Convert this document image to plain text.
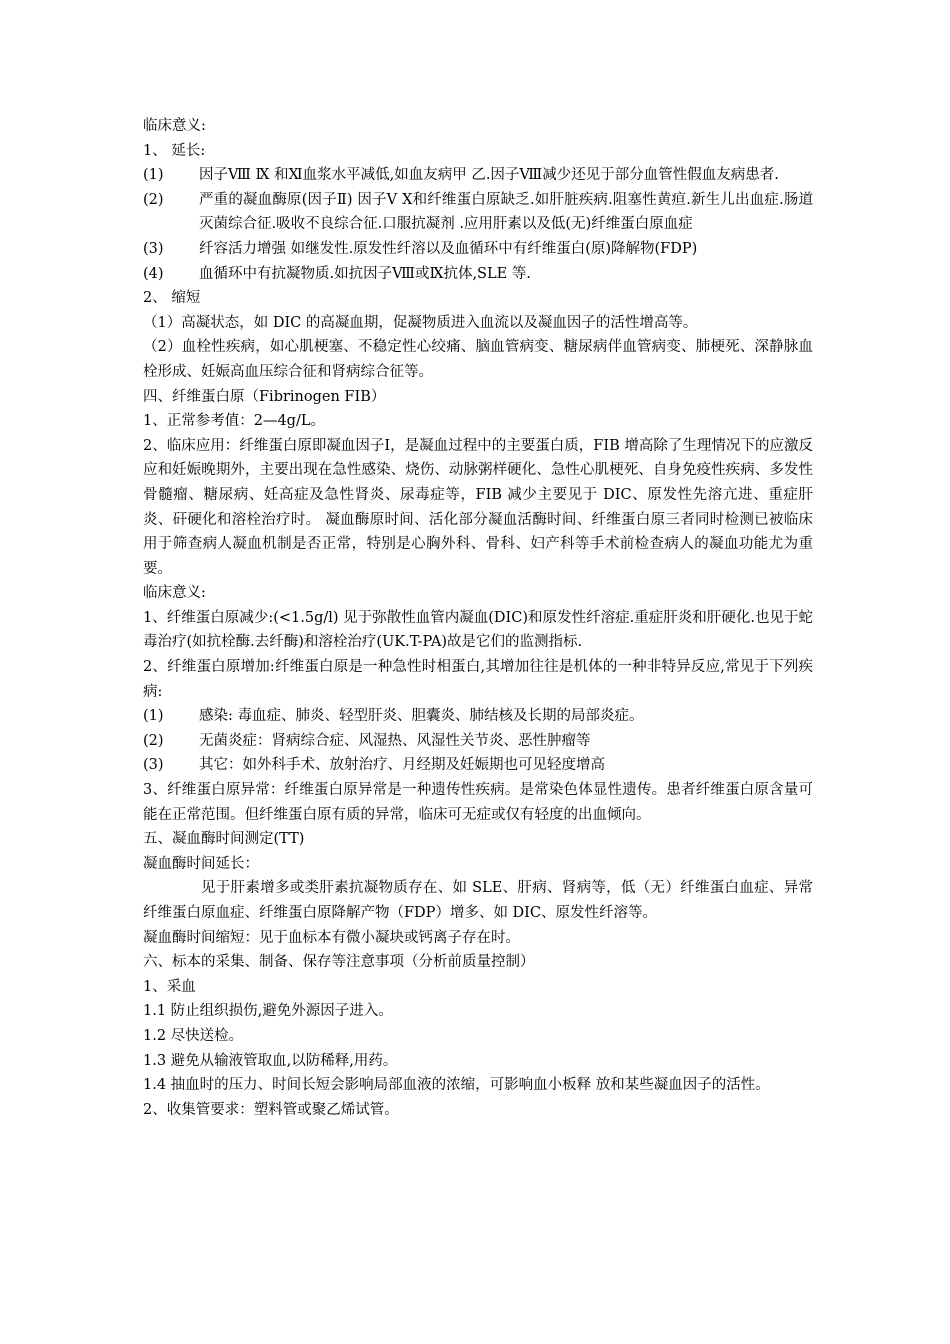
临床意义:

1、 延长:

(1)	因子Ⅷ Ⅸ 和Ⅺ血浆水平减低,如血友病甲 乙.因子Ⅷ减少还见于部分血管性假血友病患者.
(2)	严重的凝血酶原(因子Ⅱ) 因子Ⅴ Ⅹ和纤维蛋白原缺乏.如肝脏疾病.阻塞性黄疸.新生儿出血症.肠道灭菌综合征.吸收不良综合征.口服抗凝剂 .应用肝素以及低(无)纤维蛋白原血症
(3)	纤容活力增强 如继发性.原发性纤溶以及血循环中有纤维蛋白(原)降解物(FDP)
(4)	血循环中有抗凝物质.如抗因子Ⅷ或Ⅸ抗体,SLE 等.

2、 缩短

（1）高凝状态，如 DIC 的高凝血期，促凝物质进入血流以及凝血因子的活性增高等。

（2）血栓性疾病，如心肌梗塞、不稳定性心绞痛、脑血管病变、糖尿病伴血管病变、肺梗死、深静脉血栓形成、妊娠高血压综合征和肾病综合征等。

四、纤维蛋白原（Fibrinogen FIB）

1、正常参考值：2—4g/L。

2、临床应用：纤维蛋白原即凝血因子Ⅰ，是凝血过程中的主要蛋白质，FIB 增高除了生理情况下的应激反应和妊娠晚期外，主要出现在急性感染、烧伤、动脉粥样硬化、急性心肌梗死、自身免疫性疾病、多发性骨髓瘤、糖尿病、妊高症及急性肾炎、尿毒症等，FIB 减少主要见于 DIC、原发性先溶亢进、重症肝炎、矸硬化和溶栓治疗时。 凝血酶原时间、活化部分凝血活酶时间、纤维蛋白原三者同时检测已被临床用于筛查病人凝血机制是否正常，特别是心胸外科、骨科、妇产科等手术前检查病人的凝血功能尤为重要。

临床意义:

1、纤维蛋白原减少:(<1.5g/l) 见于弥散性血管内凝血(DIC)和原发性纤溶症.重症肝炎和肝硬化.也见于蛇毒治疗(如抗栓酶.去纤酶)和溶栓治疗(UK.T-PA)故是它们的监测指标.

2、纤维蛋白原增加:纤维蛋白原是一种急性时相蛋白,其增加往往是机体的一种非特异反应,常见于下列疾病:

(1)	感染: 毒血症、肺炎、轻型肝炎、胆囊炎、肺结核及长期的局部炎症。
(2)	无菌炎症：肾病综合症、风湿热、风湿性关节炎、恶性肿瘤等
(3)	其它：如外科手术、放射治疗、月经期及妊娠期也可见轻度增高

3、纤维蛋白原异常：纤维蛋白原异常是一种遗传性疾病。是常染色体显性遗传。患者纤维蛋白原含量可能在正常范围。但纤维蛋白原有质的异常，临床可无症或仅有轻度的出血倾向。

五、凝血酶时间测定(TT)

凝血酶时间延长：

见于肝素增多或类肝素抗凝物质存在、如 SLE、肝病、肾病等，低（无）纤维蛋白血症、异常纤维蛋白原血症、纤维蛋白原降解产物（FDP）增多、如 DIC、原发性纤溶等。

凝血酶时间缩短：见于血标本有微小凝块或钙离子存在时。

六、标本的采集、制备、保存等注意事项（分析前质量控制）

1、采血

1.1 防止组织损伤,避免外源因子进入。

1.2 尽快送检。

1.3 避免从输液管取血,以防稀释,用药。

1.4 抽血时的压力、时间长短会影响局部血液的浓缩，可影响血小板释 放和某些凝血因子的活性。

2、收集管要求：塑料管或聚乙烯试管。
